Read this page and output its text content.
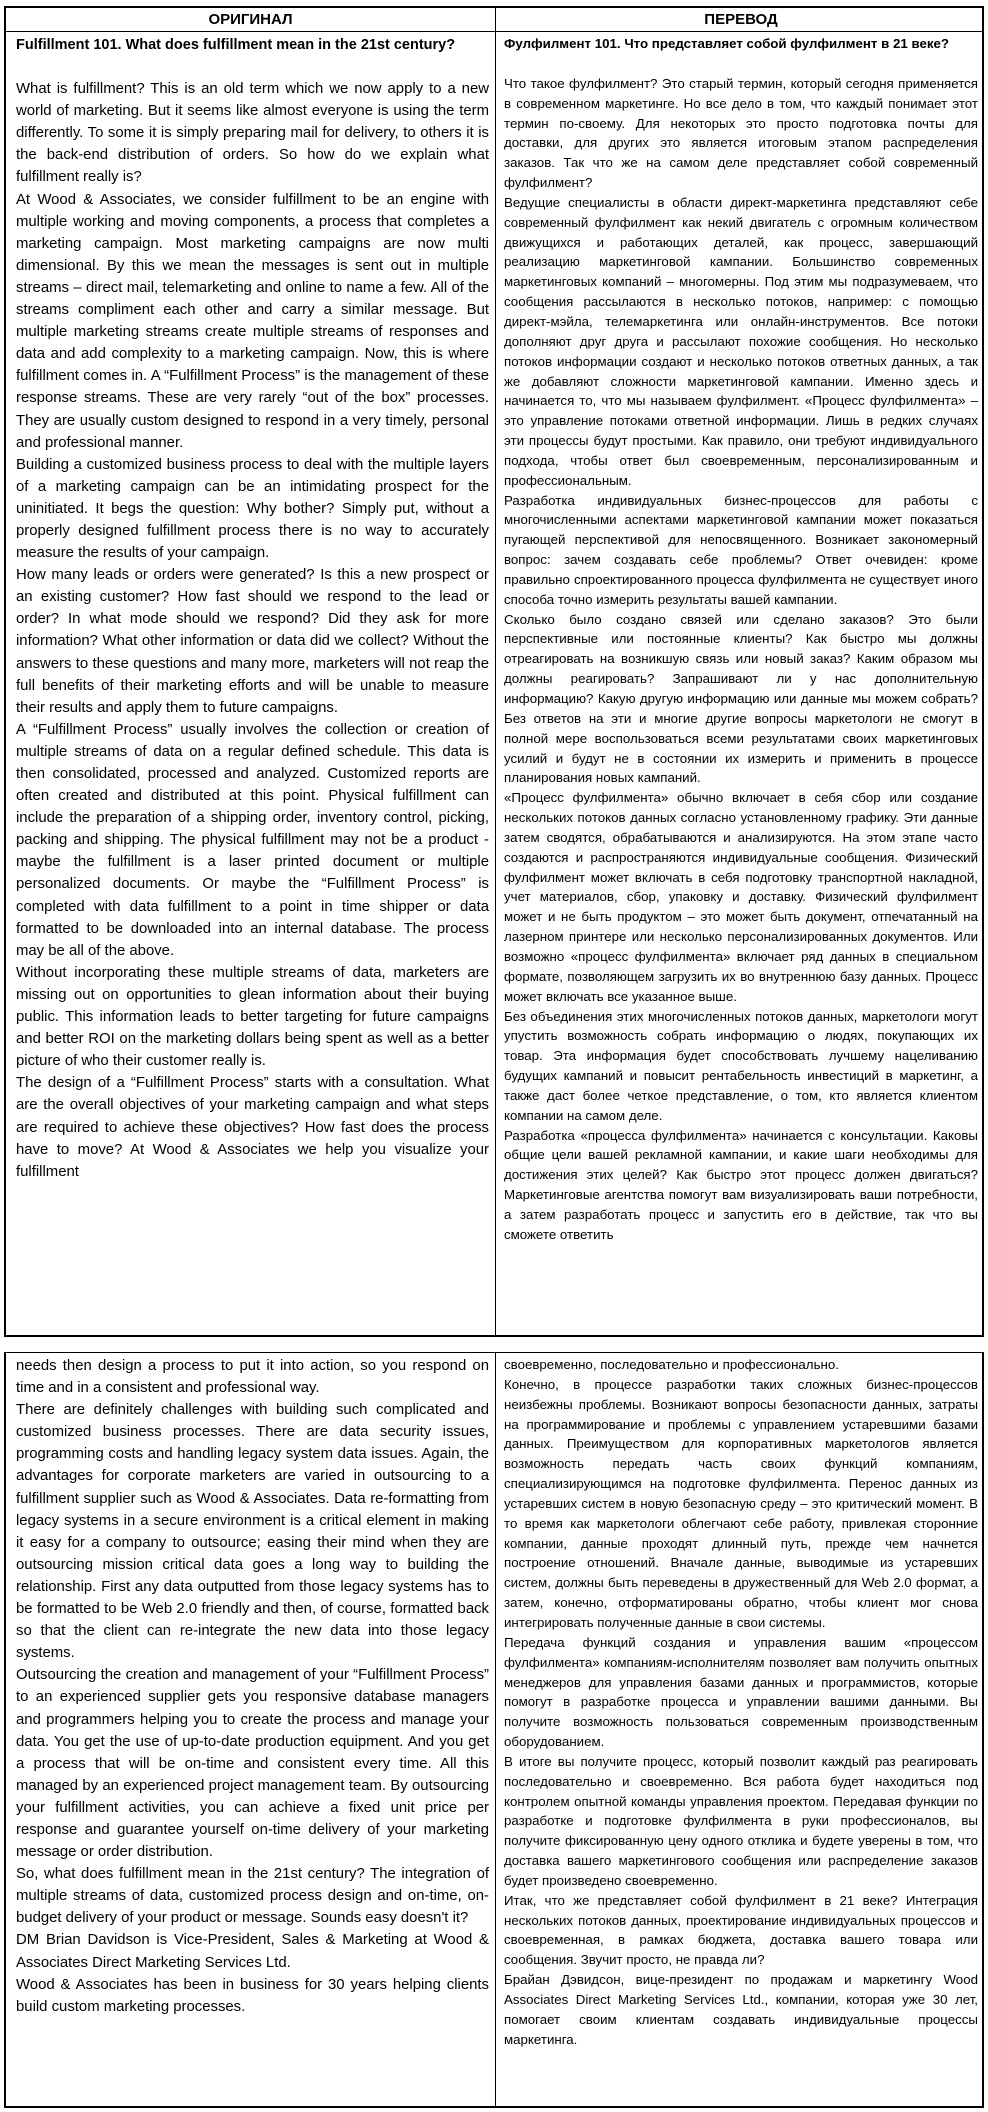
ОРИГИНАЛ	ПЕРЕВОД

Fulfillment 101. What does fulfillment mean in the 21st century?

What is fulfillment? This is an old term which we now apply to a new world of marketing. But it seems like almost everyone is using the term differently. To some it is simply preparing mail for delivery, to others it is the back-end distribution of orders. So how do we explain what fulfillment really is?

At Wood & Associates, we consider fulfillment to be an engine with multiple working and moving components, a process that completes a marketing campaign. Most marketing campaigns are now multi dimensional. By this we mean the messages is sent out in multiple streams – direct mail, telemarketing and online to name a few. All of the streams compliment each other and carry a similar message. But multiple marketing streams create multiple streams of responses and data and add complexity to a marketing campaign. Now, this is where fulfillment comes in. A “Fulfillment Process” is the management of these response streams. These are very rarely “out of the box” processes. They are usually custom designed to respond in a very timely, personal and professional manner.

Building a customized business process to deal with the multiple layers of a marketing campaign can be an intimidating prospect for the uninitiated. It begs the question: Why bother? Simply put, without a properly designed fulfillment process there is no way to accurately measure the results of your campaign.

How many leads or orders were generated? Is this a new prospect or an existing customer? How fast should we respond to the lead or order? In what mode should we respond? Did they ask for more information? What other information or data did we collect? Without the answers to these questions and many more, marketers will not reap the full benefits of their marketing efforts and will be unable to measure their results and apply them to future campaigns.

A “Fulfillment Process” usually involves the collection or creation of multiple streams of data on a regular defined schedule. This data is then consolidated, processed and analyzed. Customized reports are often created and distributed at this point. Physical fulfillment can include the preparation of a shipping order, inventory control, picking, packing and shipping. The physical fulfillment may not be a product - maybe the fulfillment is a laser printed document or multiple personalized documents. Or maybe the “Fulfillment Process” is completed with data fulfillment to a point in time shipper or data formatted to be downloaded into an internal database. The process may be all of the above.

Without incorporating these multiple streams of data, marketers are missing out on opportunities to glean information about their buying public. This information leads to better targeting for future campaigns and better ROI on the marketing dollars being spent as well as a better picture of who their customer really is.

The design of a “Fulfillment Process” starts with a consultation. What are the overall objectives of your marketing campaign and what steps are required to achieve these objectives? How fast does the process have to move? At Wood & Associates we help you visualize your fulfillment

Фулфилмент 101. Что представляет собой фулфилмент в 21 веке?

Что такое фулфилмент? Это старый термин, который сегодня применяется в современном маркетинге. Но все дело в том, что каждый понимает этот термин по-своему. Для некоторых это просто подготовка почты для доставки, для других это является итоговым этапом распределения заказов. Так что же на самом деле представляет собой современный фулфилмент?

Ведущие специалисты в области директ-маркетинга представляют себе современный фулфилмент как некий двигатель с огромным количеством движущихся и работающих деталей, как процесс, завершающий реализацию маркетинговой кампании. Большинство современных маркетинговых компаний – многомерны. Под этим мы подразумеваем, что сообщения рассылаются в несколько потоков, например: с помощью директ-мэйла, телемаркетинга или онлайн-инструментов. Все потоки дополняют друг друга и рассылают похожие сообщения. Но несколько потоков информации создают и несколько потоков ответных данных, а так же добавляют сложности маркетинговой кампании. Именно здесь и начинается то, что мы называем фулфилмент. «Процесс фулфилмента» – это управление потоками ответной информации. Лишь в редких случаях эти процессы будут простыми. Как правило, они требуют индивидуального подхода, чтобы ответ был своевременным, персонализированным и профессиональным.

Разработка индивидуальных бизнес-процессов для работы с многочисленными аспектами маркетинговой кампании может показаться пугающей перспективой для непосвященного. Возникает закономерный вопрос: зачем создавать себе проблемы? Ответ очевиден: кроме правильно спроектированного процесса фулфилмента не существует иного способа точно измерить результаты вашей кампании.

Сколько было создано связей или сделано заказов? Это были перспективные или постоянные клиенты? Как быстро мы должны отреагировать на возникшую связь или новый заказ? Каким образом мы должны реагировать? Запрашивают ли у нас дополнительную информацию? Какую другую информацию или данные мы можем собрать? Без ответов на эти и многие другие вопросы маркетологи не смогут в полной мере воспользоваться всеми результатами своих маркетинговых усилий и будут не в состоянии их измерить и применить в процессе планирования новых кампаний.

«Процесс фулфилмента» обычно включает в себя сбор или создание нескольких потоков данных согласно установленному графику. Эти данные затем сводятся, обрабатываются и анализируются. На этом этапе часто создаются и распространяются индивидуальные сообщения. Физический фулфилмент может включать в себя подготовку транспортной накладной, учет материалов, сбор, упаковку и доставку. Физический фулфилмент может и не быть продуктом – это может быть документ, отпечатанный на лазерном принтере или несколько персонализированных документов. Или возможно «процесс фулфилмента» включает ряд данных в специальном формате, позволяющем загрузить их во внутреннюю базу данных. Процесс может включать все указанное выше.

Без объединения этих многочисленных потоков данных, маркетологи могут упустить возможность собрать информацию о людях, покупающих их товар. Эта информация будет способствовать лучшему нацеливанию будущих кампаний и повысит рентабельность инвестиций в маркетинг, а также даст более четкое представление, о том, кто является клиентом компании на самом деле.

Разработка «процесса фулфилмента» начинается с консультации. Каковы общие цели вашей рекламной кампании, и какие шаги необходимы для достижения этих целей? Как быстро этот процесс должен двигаться? Маркетинговые агентства помогут вам визуализировать ваши потребности, а затем разработать процесс и запустить его в действие, так что вы сможете ответить

needs then design a process to put it into action, so you respond on time and in a consistent and professional way.

There are definitely challenges with building such complicated and customized business processes. There are data security issues, programming costs and handling legacy system data issues. Again, the advantages for corporate marketers are varied in outsourcing to a fulfillment supplier such as Wood & Associates. Data re-formatting from legacy systems in a secure environment is a critical element in making it easy for a company to outsource; easing their mind when they are outsourcing mission critical data goes a long way to building the relationship. First any data outputted from those legacy systems has to be formatted to be Web 2.0 friendly and then, of course, formatted back so that the client can re-integrate the new data into those legacy systems.

Outsourcing the creation and management of your “Fulfillment Process” to an experienced supplier gets you responsive database managers and programmers helping you to create the process and manage your data. You get the use of up-to-date production equipment. And you get a process that will be on-time and consistent every time. All this managed by an experienced project management team. By outsourcing your fulfillment activities, you can achieve a fixed unit price per response and guarantee yourself on-time delivery of your marketing message or order distribution.

So, what does fulfillment mean in the 21st century? The integration of multiple streams of data, customized process design and on-time, on-budget delivery of your product or message. Sounds easy doesn't it?

DM Brian Davidson is Vice-President, Sales & Marketing at Wood & Associates Direct Marketing Services Ltd.

Wood & Associates has been in business for 30 years helping clients build custom marketing processes.

своевременно, последовательно и профессионально.

Конечно, в процессе разработки таких сложных бизнес-процессов неизбежны проблемы. Возникают вопросы безопасности данных, затраты на программирование и проблемы с управлением устаревшими базами данных. Преимуществом для корпоративных маркетологов является возможность передать часть своих функций компаниям, специализирующимся на подготовке фулфилмента. Перенос данных из устаревших систем в новую безопасную среду – это критический момент. В то время как маркетологи облегчают себе работу, привлекая сторонние компании, данные проходят длинный путь, прежде чем начнется построение отношений. Вначале данные, выводимые из устаревших систем, должны быть переведены в дружественный для Web 2.0 формат, а затем, конечно, отформатированы обратно, чтобы клиент мог снова интегрировать полученные данные в свои системы.

Передача функций создания и управления вашим «процессом фулфилмента» компаниям-исполнителям позволяет вам получить опытных менеджеров для управления базами данных и программистов, которые помогут в разработке процесса и управлении вашими данными. Вы получите возможность пользоваться современным производственным оборудованием.

В итоге вы получите процесс, который позволит каждый раз реагировать последовательно и своевременно. Вся работа будет находиться под контролем опытной команды управления проектом. Передавая функции по разработке и подготовке фулфилмента в руки профессионалов, вы получите фиксированную цену одного отклика и будете уверены в том, что доставка вашего маркетингового сообщения или распределение заказов будет произведено своевременно.

Итак, что же представляет собой фулфилмент в 21 веке? Интеграция нескольких потоков данных, проектирование индивидуальных процессов и своевременная, в рамках бюджета, доставка вашего товара или сообщения. Звучит просто, не правда ли?

Брайан Дэвидсон, вице-президент по продажам и маркетингу Wood Associates Direct Marketing Services Ltd., компании, которая уже 30 лет, помогает своим клиентам создавать индивидуальные процессы маркетинга.
